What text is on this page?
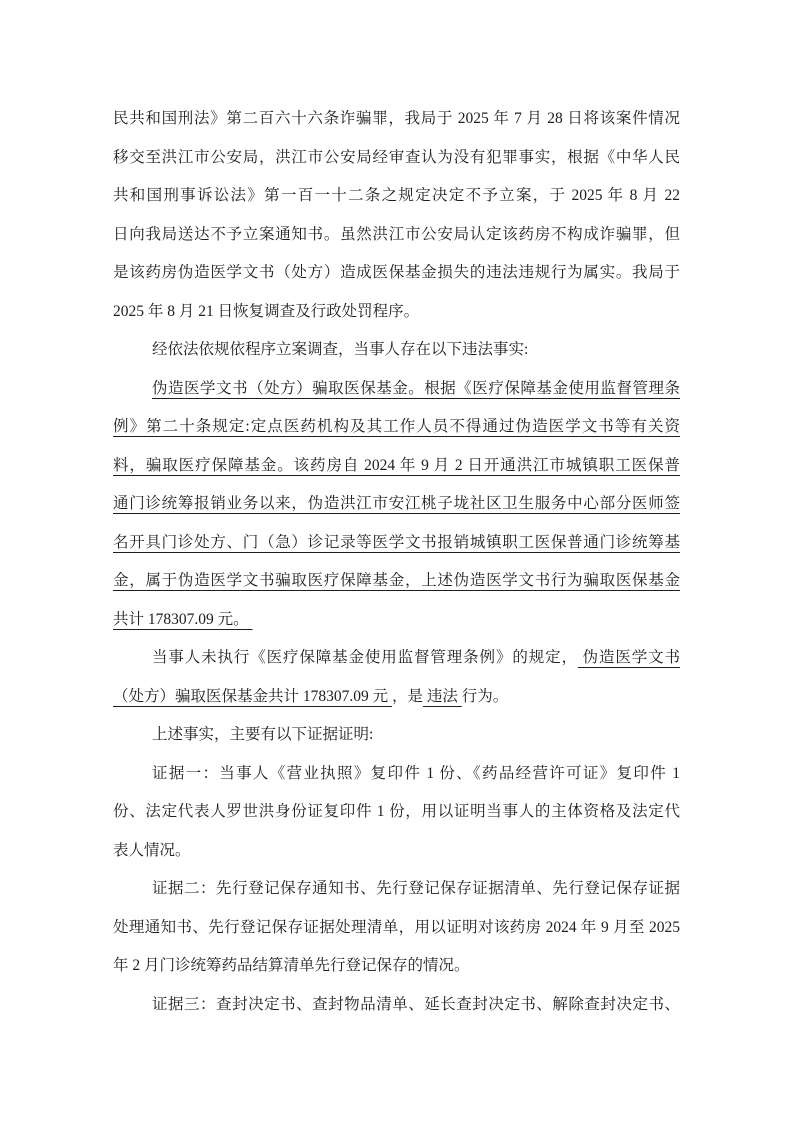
民共和国刑法》第二百六十六条诈骗罪，我局于 2025 年 7 月 28 日将该案件情况
移交至洪江市公安局，洪江市公安局经审查认为没有犯罪事实，根据《中华人民
共和国刑事诉讼法》第一百一十二条之规定决定不予立案，于 2025 年 8 月 22
日向我局送达不予立案通知书。虽然洪江市公安局认定该药房不构成诈骗罪，但
是该药房伪造医学文书（处方）造成医保基金损失的违法违规行为属实。我局于
2025 年 8 月 21 日恢复调查及行政处罚程序。
经依法依规依程序立案调查，当事人存在以下违法事实:
伪造医学文书（处方）骗取医保基金。根据《医疗保障基金使用监督管理条
例》第二十条规定:定点医药机构及其工作人员不得通过伪造医学文书等有关资
料，骗取医疗保障基金。该药房自 2024 年 9 月 2 日开通洪江市城镇职工医保普
通门诊统筹报销业务以来，伪造洪江市安江桃子垅社区卫生服务中心部分医师签
名开具门诊处方、门（急）诊记录等医学文书报销城镇职工医保普通门诊统筹基
金，属于伪造医学文书骗取医疗保障基金，上述伪造医学文书行为骗取医保基金
共计 178307.09 元。
当事人未执行《医疗保障基金使用监督管理条例》的规定， 伪造医学文书
（处方）骗取医保基金共计 178307.09 元 ，是 违法 行为。
上述事实，主要有以下证据证明:
证据一：当事人《营业执照》复印件 1 份、《药品经营许可证》复印件 1
份、法定代表人罗世洪身份证复印件 1 份，用以证明当事人的主体资格及法定代
表人情况。
证据二：先行登记保存通知书、先行登记保存证据清单、先行登记保存证据
处理通知书、先行登记保存证据处理清单，用以证明对该药房 2024 年 9 月至 2025
年 2 月门诊统筹药品结算清单先行登记保存的情况。
证据三：查封决定书、查封物品清单、延长查封决定书、解除查封决定书、
